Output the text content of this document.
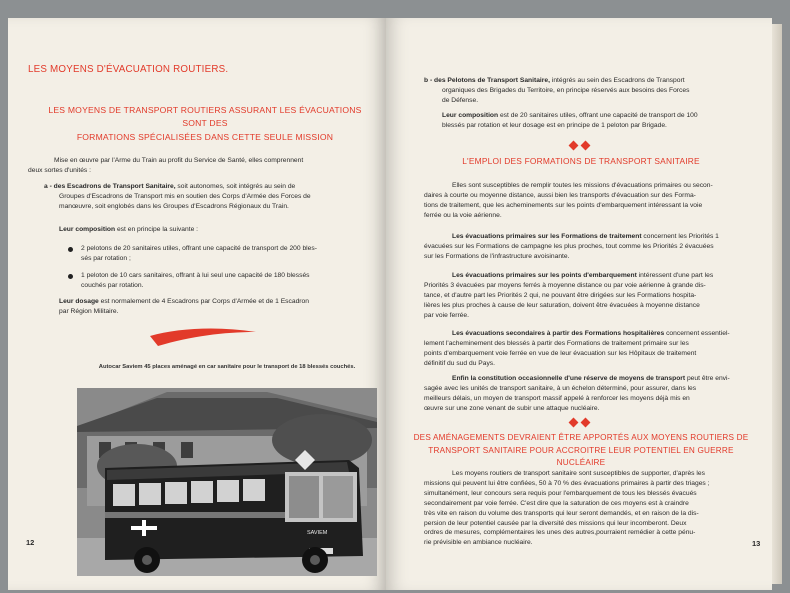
LES MOYENS D'ÉVACUATION ROUTIERS.
LES MOYENS DE TRANSPORT ROUTIERS ASSURANT LES ÉVACUATIONS SONT DES
FORMATIONS SPÉCIALISÉES DANS CETTE SEULE MISSION
Mise en œuvre par l'Arme du Train au profit du Service de Santé, elles comprennent
deux sortes d'unités :
a - des Escadrons de Transport Sanitaire, soit autonomes, soit intégrés au sein de
Groupes d'Escadrons de Transport mis en soutien des Corps d'Armée des Forces de
manœuvre, soit englobés dans les Groupes d'Escadrons Régionaux du Train.
Leur composition est en principe la suivante :
2 pelotons de 20 sanitaires utiles, offrant une capacité de transport de 200 bles-
sés par rotation ;
1 peloton de 10 cars sanitaires, offrant à lui seul une capacité de 180 blessés
couchés par rotation.
Leur dosage est normalement de 4 Escadrons par Corps d'Armée et de 1 Escadron
par Région Militaire.
Autocar Saviem 45 places aménagé en car sanitaire pour le transport de 18 blessés couchés.
SAVIEM
12
b - des Pelotons de Transport Sanitaire, intégrés au sein des Escadrons de Transport
organiques des Brigades du Territoire, en principe réservés aux besoins des Forces
de Défense.
Leur composition est de 20 sanitaires utiles, offrant une capacité de transport de 100
blessés par rotation et leur dosage est en principe de 1 peloton par Brigade.
L'EMPLOI DES FORMATIONS DE TRANSPORT SANITAIRE
Elles sont susceptibles de remplir toutes les missions d'évacuations primaires ou secon-
daires à courte ou moyenne distance, aussi bien les transports d'évacuation sur des Forma-
tions de traitement, que les acheminements sur les points d'embarquement intéressant la voie
ferrée ou la voie aérienne.
Les évacuations primaires sur les Formations de traitement concernent les Priorités 1
évacuées sur les Formations de campagne les plus proches, tout comme les Priorités 2 évacuées
sur les Formations de l'infrastructure avoisinante.
Les évacuations primaires sur les points d'embarquement intéressent d'une part les
Priorités 3 évacuées par moyens ferrés à moyenne distance ou par voie aérienne à grande dis-
tance, et d'autre part les Priorités 2 qui, ne pouvant être dirigées sur les Formations hospita-
lières les plus proches à cause de leur saturation, doivent être évacuées à moyenne distance
par voie ferrée.
Les évacuations secondaires à partir des Formations hospitalières concernent essentiel-
lement l'acheminement des blessés à partir des Formations de traitement primaire sur les
points d'embarquement voie ferrée en vue de leur évacuation sur les Hôpitaux de traitement
définitif du sud du Pays.
Enfin la constitution occasionnelle d'une réserve de moyens de transport peut être envi-
sagée avec les unités de transport sanitaire, à un échelon déterminé, pour assurer, dans les
meilleurs délais, un moyen de transport massif appelé à renforcer les moyens déjà mis en
œuvre sur une zone venant de subir une attaque nucléaire.
DES AMÉNAGEMENTS DEVRAIENT ÊTRE APPORTÉS AUX MOYENS ROUTIERS DE
TRANSPORT SANITAIRE POUR ACCROITRE LEUR POTENTIEL EN GUERRE NUCLÉAIRE
Les moyens routiers de transport sanitaire sont susceptibles de supporter, d'après les
missions qui peuvent lui être confiées, 50 à 70 % des évacuations primaires à partir des triages ;
simultanément, leur concours sera requis pour l'embarquement de tous les blessés évacués
secondairement par voie ferrée. C'est dire que la saturation de ces moyens est à craindre
très vite en raison du volume des transports qui leur seront demandés, et en raison de la dis-
persion de leur potentiel causée par la diversité des missions qui leur incomberont. Deux
ordres de mesures, complémentaires les unes des autres,pourraient remédier à cette pénu-
rie prévisible en ambiance nucléaire.	13
